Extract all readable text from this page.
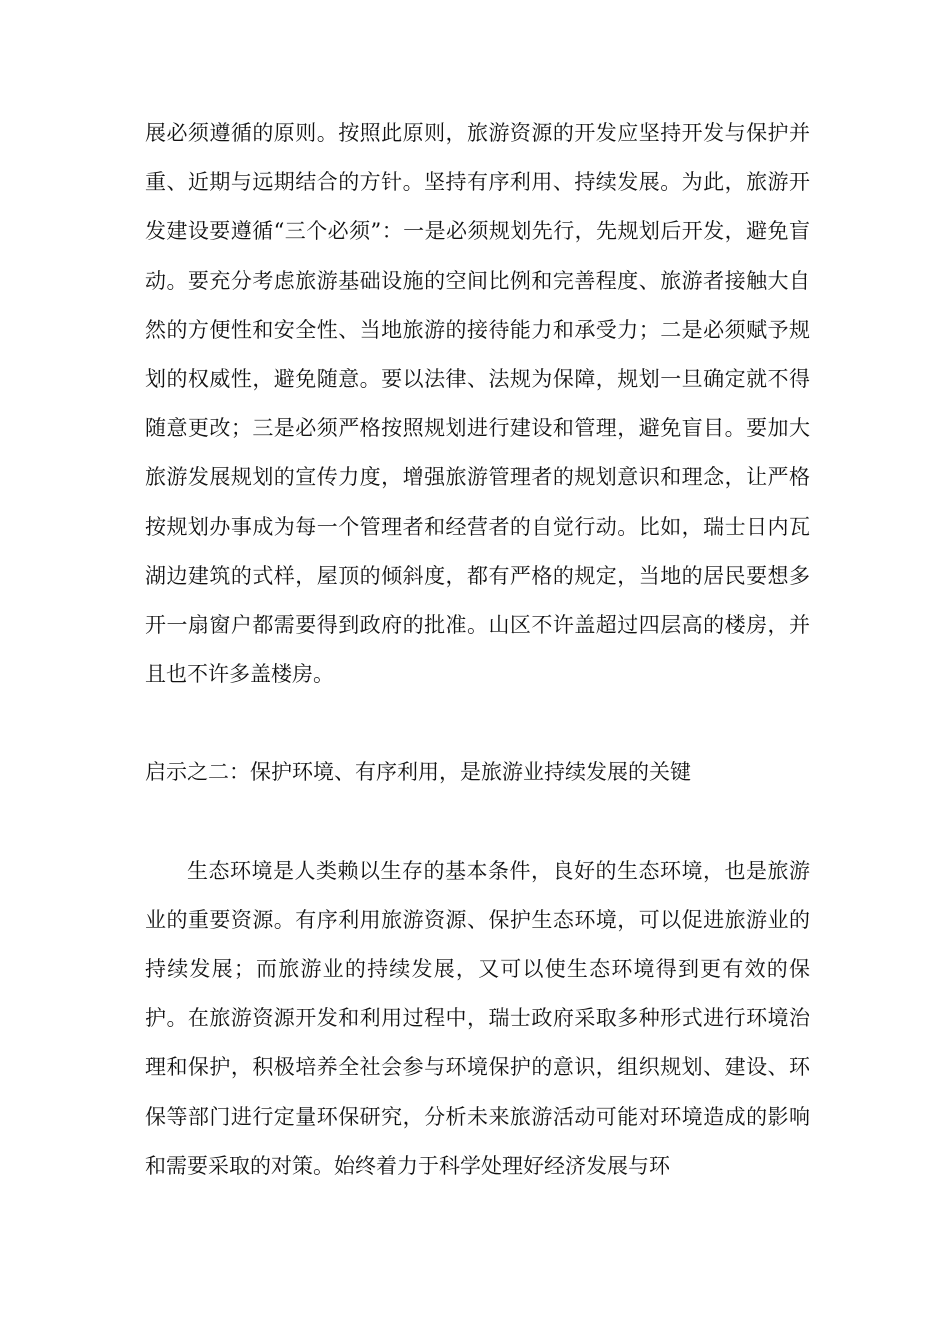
展必须遵循的原则。按照此原则，旅游资源的开发应坚持开发与保护并重、近期与远期结合的方针。坚持有序利用、持续发展。为此，旅游开发建设要遵循“三个必须”：一是必须规划先行，先规划后开发，避免盲动。要充分考虑旅游基础设施的空间比例和完善程度、旅游者接触大自然的方便性和安全性、当地旅游的接待能力和承受力；二是必须赋予规划的权威性，避免随意。要以法律、法规为保障，规划一旦确定就不得随意更改；三是必须严格按照规划进行建设和管理，避免盲目。要加大旅游发展规划的宣传力度，增强旅游管理者的规划意识和理念，让严格按规划办事成为每一个管理者和经营者的自觉行动。比如，瑞士日内瓦湖边建筑的式样，屋顶的倾斜度，都有严格的规定，当地的居民要想多开一扇窗户都需要得到政府的批准。山区不许盖超过四层高的楼房，并且也不许多盖楼房。

启示之二：保护环境、有序利用，是旅游业持续发展的关键

生态环境是人类赖以生存的基本条件，良好的生态环境，也是旅游业的重要资源。有序利用旅游资源、保护生态环境，可以促进旅游业的持续发展；而旅游业的持续发展，又可以使生态环境得到更有效的保护。在旅游资源开发和利用过程中，瑞士政府采取多种形式进行环境治理和保护，积极培养全社会参与环境保护的意识，组织规划、建设、环保等部门进行定量环保研究，分析未来旅游活动可能对环境造成的影响和需要采取的对策。始终着力于科学处理好经济发展与环
